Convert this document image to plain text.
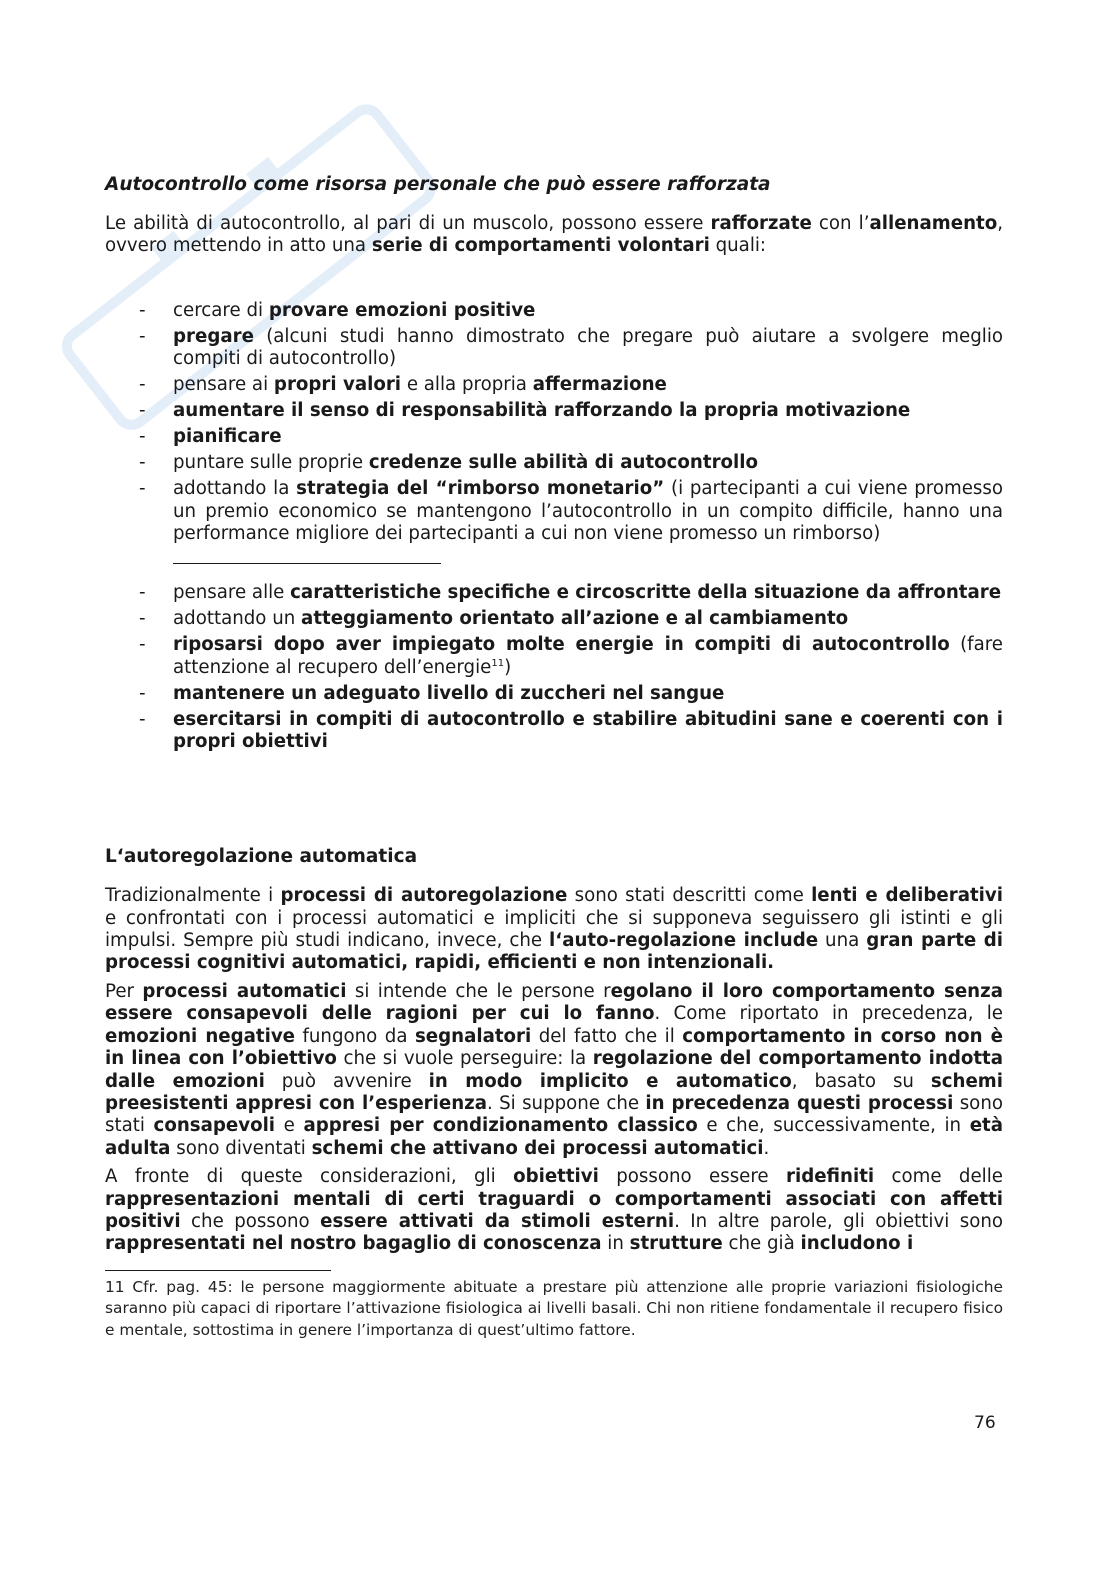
Autocontrollo come risorsa personale che può essere rafforzata

Le abilità di autocontrollo, al pari di un muscolo, possono essere rafforzate con l’allenamento, ovvero mettendo in atto una serie di comportamenti volontari quali:

- cercare di provare emozioni positive
- pregare (alcuni studi hanno dimostrato che pregare può aiutare a svolgere meglio compiti di autocontrollo)
- pensare ai propri valori e alla propria affermazione
- aumentare il senso di responsabilità rafforzando la propria motivazione
- pianificare
- puntare sulle proprie credenze sulle abilità di autocontrollo
- adottando la strategia del “rimborso monetario” (i partecipanti a cui viene promesso un premio economico se mantengono l’autocontrollo in un compito difficile, hanno una performance migliore dei partecipanti a cui non viene promesso un rimborso)
- pensare alle caratteristiche specifiche e circoscritte della situazione da affrontare
- adottando un atteggiamento orientato all’azione e al cambiamento
- riposarsi dopo aver impiegato molte energie in compiti di autocontrollo (fare attenzione al recupero dell’energie$^{11}$)
- mantenere un adeguato livello di zuccheri nel sangue
- esercitarsi in compiti di autocontrollo e stabilire abitudini sane e coerenti con i propri obiettivi
L‘autoregolazione automatica

Tradizionalmente i processi di autoregolazione sono stati descritti come lenti e deliberativi e confrontati con i processi automatici e impliciti che si supponeva seguissero gli istinti e gli impulsi. Sempre più studi indicano, invece, che l‘auto-regolazione include una gran parte di processi cognitivi automatici, rapidi, efficienti e non intenzionali.

Per processi automatici si intende che le persone regolano il loro comportamento senza essere consapevoli delle ragioni per cui lo fanno. Come riportato in precedenza, le emozioni negative fungono da segnalatori del fatto che il comportamento in corso non è in linea con l’obiettivo che si vuole perseguire: la regolazione del comportamento indotta dalle emozioni può avvenire in modo implicito e automatico, basato su schemi preesistenti appresi con l’esperienza. Si suppone che in precedenza questi processi sono stati consapevoli e appresi per condizionamento classico e che, successivamente, in età adulta sono diventati schemi che attivano dei processi automatici.

A fronte di queste considerazioni, gli obiettivi possono essere ridefiniti come delle rappresentazioni mentali di certi traguardi o comportamenti associati con affetti positivi che possono essere attivati da stimoli esterni. In altre parole, gli obiettivi sono rappresentati nel nostro bagaglio di conoscenza in strutture che già includono i

11 Cfr. pag. 45: le persone maggiormente abituate a prestare più attenzione alle proprie variazioni fisiologiche saranno più capaci di riportare l’attivazione fisiologica ai livelli basali. Chi non ritiene fondamentale il recupero fisico e mentale, sottostima in genere l’importanza di quest’ultimo fattore.

76
